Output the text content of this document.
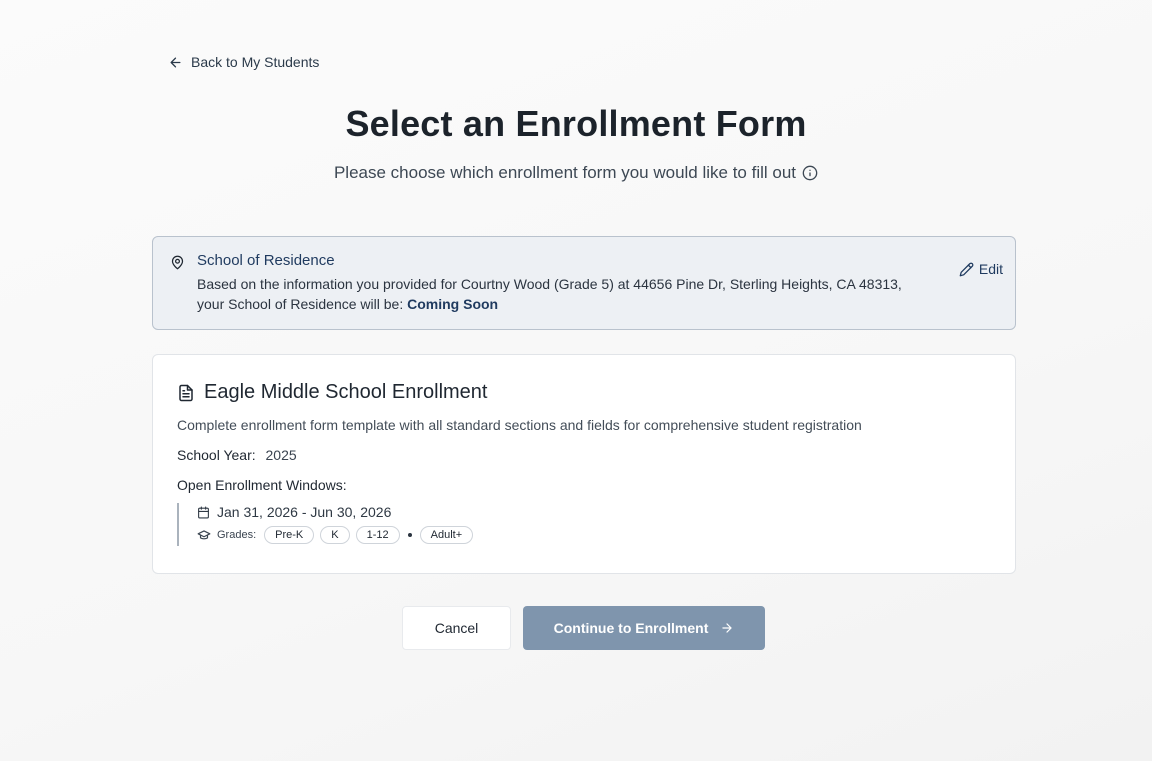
Back to My Students
Select an Enrollment Form
Please choose which enrollment form you would like to fill out
School of Residence
Based on the information you provided for Courtny Wood (Grade 5) at 44656 Pine Dr, Sterling Heights, CA 48313, your School of Residence will be: Coming Soon
Edit
Eagle Middle School Enrollment
Complete enrollment form template with all standard sections and fields for comprehensive student registration
School Year: 2025
Open Enrollment Windows:
Jan 31, 2026 - Jun 30, 2026
Grades:	Pre-K	K	1-12	Adult+
Cancel	Continue to Enrollment
